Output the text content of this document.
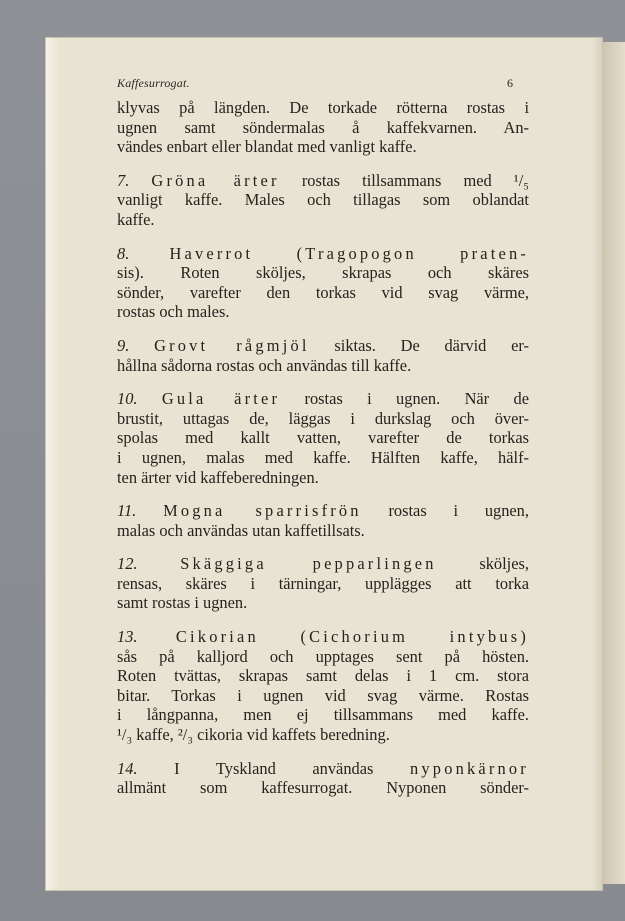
Kaffesurrogat.	6
klyvas på längden. De torkade rötterna rostas i
ugnen samt söndermalas å kaffekvarnen. An-
vändes enbart eller blandat med vanligt kaffe.
7. Gröna ärter rostas tillsammans med ¹/₅
vanligt kaffe. Males och tillagas som oblandat
kaffe.
8. Haverrot (Tragopogon praten-
sis). Roten sköljes, skrapas och skäres
sönder, varefter den torkas vid svag värme,
rostas och males.
9. Grovt rågmjöl siktas. De därvid er-
hållna sådorna rostas och användas till kaffe.
10. Gula ärter rostas i ugnen. När de
brustit, uttagas de, läggas i durkslag och över-
spolas med kallt vatten, varefter de torkas
i ugnen, malas med kaffe. Hälften kaffe, hälf-
ten ärter vid kaffeberedningen.
11. Mogna sparrisfrön rostas i ugnen,
malas och användas utan kaffetillsats.
12.	Skäggiga pepparlingen	sköljes,
rensas, skäres i tärningar, upplägges att torka
samt rostas i ugnen.
13. Cikorian (Cichorium intybus)
sås på kalljord och upptages sent på hösten.
Roten tvättas, skrapas samt delas i 1 cm. stora
bitar. Torkas i ugnen vid svag värme. Rostas
i långpanna, men ej tillsammans med kaffe.
¹/₃ kaffe, ²/₃ cikoria vid kaffets beredning.
14. I Tyskland användas nyponkärnor
allmänt som kaffesurrogat. Nyponen sönder-
